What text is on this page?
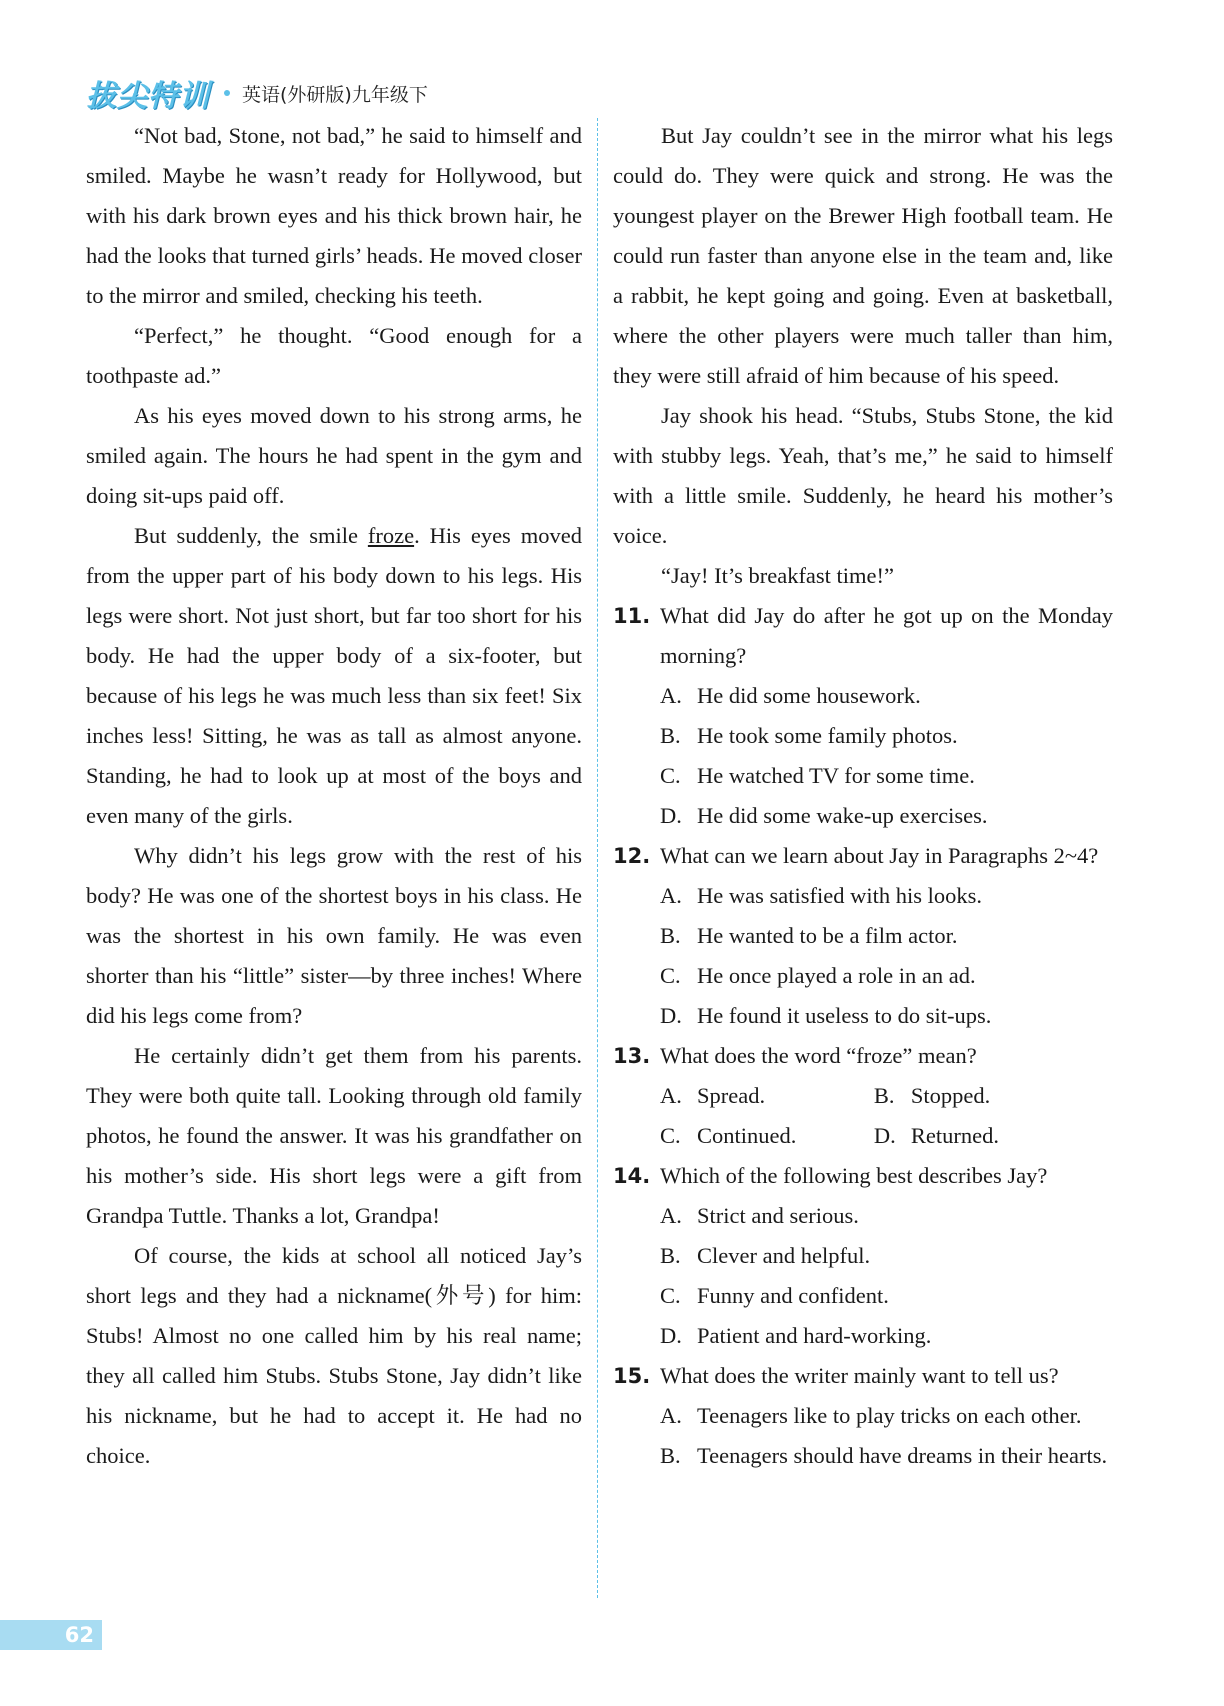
拔尖特训 英语(外研版)九年级下

“Not bad, Stone, not bad,” he said to himself and smiled. Maybe he wasn’t ready for Hollywood, but with his dark brown eyes and his thick brown hair, he had the looks that turned girls’ heads. He moved closer to the mirror and smiled, checking his teeth.

“Perfect,” he thought. “Good enough for a toothpaste ad.”

As his eyes moved down to his strong arms, he smiled again. The hours he had spent in the gym and doing sit-ups paid off.

But suddenly, the smile froze. His eyes moved from the upper part of his body down to his legs. His legs were short. Not just short, but far too short for his body. He had the upper body of a six-footer, but because of his legs he was much less than six feet! Six inches less! Sitting, he was as tall as almost anyone. Standing, he had to look up at most of the boys and even many of the girls.

Why didn’t his legs grow with the rest of his body? He was one of the shortest boys in his class. He was the shortest in his own family. He was even shorter than his “little” sister—by three inches! Where did his legs come from?

He certainly didn’t get them from his parents. They were both quite tall. Looking through old family photos, he found the answer. It was his grandfather on his mother’s side. His short legs were a gift from Grandpa Tuttle. Thanks a lot, Grandpa!

Of course, the kids at school all noticed Jay’s short legs and they had a nickname(外号) for him: Stubs! Almost no one called him by his real name; they all called him Stubs. Stubs Stone, Jay didn’t like his nickname, but he had to accept it. He had no choice.

But Jay couldn’t see in the mirror what his legs could do. They were quick and strong. He was the youngest player on the Brewer High football team. He could run faster than anyone else in the team and, like a rabbit, he kept going and going. Even at basketball, where the other players were much taller than him, they were still afraid of him because of his speed.

Jay shook his head. “Stubs, Stubs Stone, the kid with stubby legs. Yeah, that’s me,” he said to himself with a little smile. Suddenly, he heard his mother’s voice.

“Jay! It’s breakfast time!”

11. What did Jay do after he got up on the Monday morning?
A. He did some housework.
B. He took some family photos.
C. He watched TV for some time.
D. He did some wake-up exercises.
12. What can we learn about Jay in Paragraphs 2~4?
A. He was satisfied with his looks.
B. He wanted to be a film actor.
C. He once played a role in an ad.
D. He found it useless to do sit-ups.
13. What does the word “froze” mean?
A. Spread.	B. Stopped.
C. Continued.	D. Returned.
14. Which of the following best describes Jay?
A. Strict and serious.
B. Clever and helpful.
C. Funny and confident.
D. Patient and hard-working.
15. What does the writer mainly want to tell us?
A. Teenagers like to play tricks on each other.
B. Teenagers should have dreams in their hearts.
62
